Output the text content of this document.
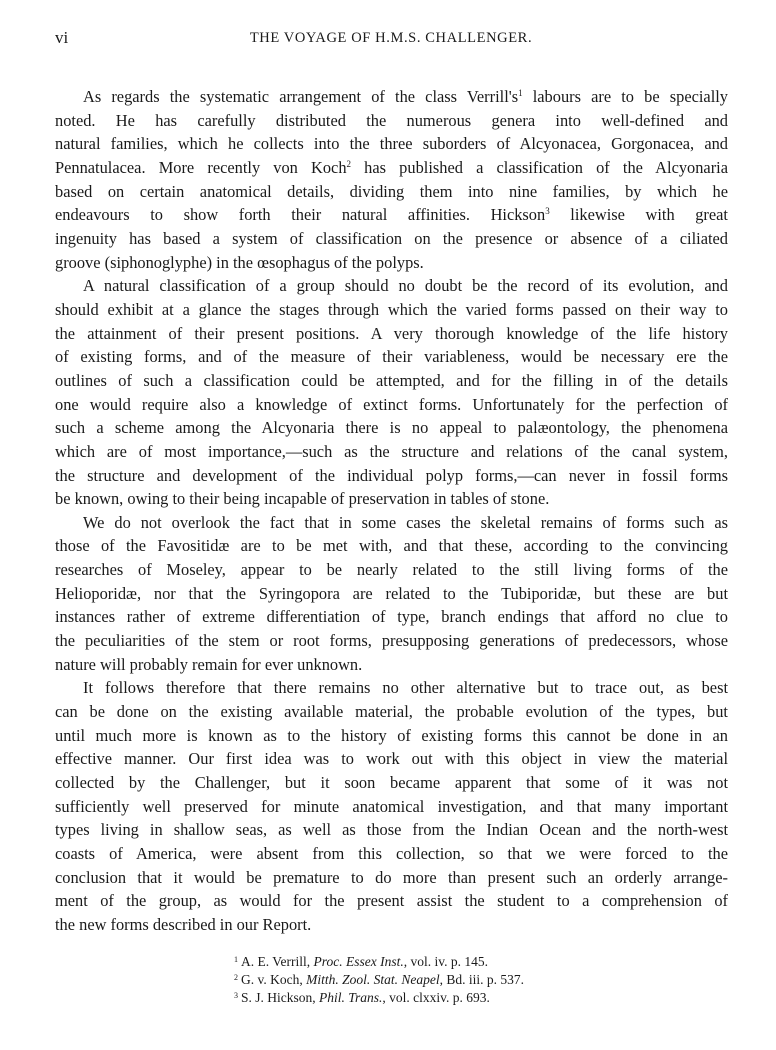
vi	THE VOYAGE OF H.M.S. CHALLENGER.
As regards the systematic arrangement of the class $Verrill's^1$ labours are to be specially
noted. He has carefully distributed the numerous genera into well-defined and
natural families, which he collects into the three suborders of Alcyonacea, Gorgonacea, and
Pennatulacea. More recently von Koch$^2$ has published a classification of the Alcyonaria
based on certain anatomical details, dividing them into nine families, by which he
endeavours to show forth their natural affinities. Hickson$^3$ likewise with great
ingenuity has based a system of classification on the presence or absence of a ciliated
groove (siphonoglyphe) in the œsophagus of the polyps.
A natural classification of a group should no doubt be the record of its evolution, and
should exhibit at a glance the stages through which the varied forms passed on their way to
the attainment of their present positions. A very thorough knowledge of the life history
of existing forms, and of the measure of their variableness, would be necessary ere the
outlines of such a classification could be attempted, and for the filling in of the details
one would require also a knowledge of extinct forms. Unfortunately for the perfection of
such a scheme among the Alcyonaria there is no appeal to palæontology, the phenomena
which are of most importance,—such as the structure and relations of the canal system,
the structure and development of the individual polyp forms,—can never in fossil forms
be known, owing to their being incapable of preservation in tables of stone.
We do not overlook the fact that in some cases the skeletal remains of forms such as
those of the Favositidæ are to be met with, and that these, according to the convincing
researches of Moseley, appear to be nearly related to the still living forms of the
Helioporidæ, nor that the Syringopora are related to the Tubiporidæ, but these are but
instances rather of extreme differentiation of type, branch endings that afford no clue to
the peculiarities of the stem or root forms, presupposing generations of predecessors, whose
nature will probably remain for ever unknown.
It follows therefore that there remains no other alternative but to trace out, as best
can be done on the existing available material, the probable evolution of the types, but
until much more is known as to the history of existing forms this cannot be done in an
effective manner. Our first idea was to work out with this object in view the material
collected by the Challenger, but it soon became apparent that some of it was not
sufficiently well preserved for minute anatomical investigation, and that many important
types living in shallow seas, as well as those from the Indian Ocean and the north-west
coasts of America, were absent from this collection, so that we were forced to the
conclusion that it would be premature to do more than present such an orderly arrange-
ment of the group, as would for the present assist the student to a comprehension of
the new forms described in our Report.
$^1$ A. E. Verrill, Proc. Essex Inst., vol. iv. p. 145.
$^2$ G. v. Koch, Mitth. Zool. Stat. Neapel, Bd. iii. p. 537.
$^3$ S. J. Hickson, Phil. Trans., vol. clxxiv. p. 693.
